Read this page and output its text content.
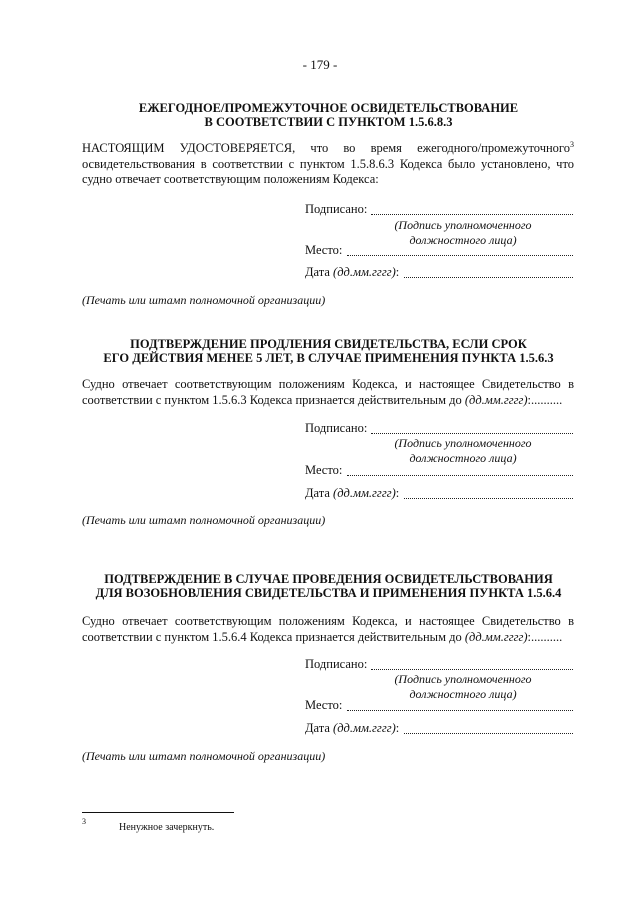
- 179 -
ЕЖЕГОДНОЕ/ПРОМЕЖУТОЧНОЕ ОСВИДЕТЕЛЬСТВОВАНИЕ
В СООТВЕТСТВИИ С ПУНКТОМ 1.5.6.8.3
НАСТОЯЩИМ УДОСТОВЕРЯЕТСЯ, что во время ежегодного/промежуточного$^3$
освидетельствования в соответствии с пунктом 1.5.8.6.3 Кодекса было установлено, что
судно отвечает соответствующим положениям Кодекса:
Подписано:
(Подпись уполномоченного
должностного лица)
Место:
Дата (дд.мм.гггг):
(Печать или штамп полномочной организации)
ПОДТВЕРЖДЕНИЕ ПРОДЛЕНИЯ СВИДЕТЕЛЬСТВА, ЕСЛИ СРОК
ЕГО ДЕЙСТВИЯ МЕНЕЕ 5 ЛЕТ, В СЛУЧАЕ ПРИМЕНЕНИЯ ПУНКТА 1.5.6.3
Судно отвечает соответствующим положениям Кодекса, и настоящее Свидетельство в
соответствии с пунктом 1.5.6.3 Кодекса признается действительным до (дд.мм.гггг):..........
Подписано:
(Подпись уполномоченного
должностного лица)
Место:
Дата (дд.мм.гггг):
(Печать или штамп полномочной организации)
ПОДТВЕРЖДЕНИЕ В СЛУЧАЕ ПРОВЕДЕНИЯ ОСВИДЕТЕЛЬСТВОВАНИЯ
ДЛЯ ВОЗОБНОВЛЕНИЯ СВИДЕТЕЛЬСТВА И ПРИМЕНЕНИЯ ПУНКТА 1.5.6.4
Судно отвечает соответствующим положениям Кодекса, и настоящее Свидетельство в
соответствии с пунктом 1.5.6.4 Кодекса признается действительным до (дд.мм.гггг):..........
Подписано:
(Подпись уполномоченного
должностного лица)
Место:
Дата (дд.мм.гггг):
(Печать или штамп полномочной организации)
3
Ненужное зачеркнуть.
